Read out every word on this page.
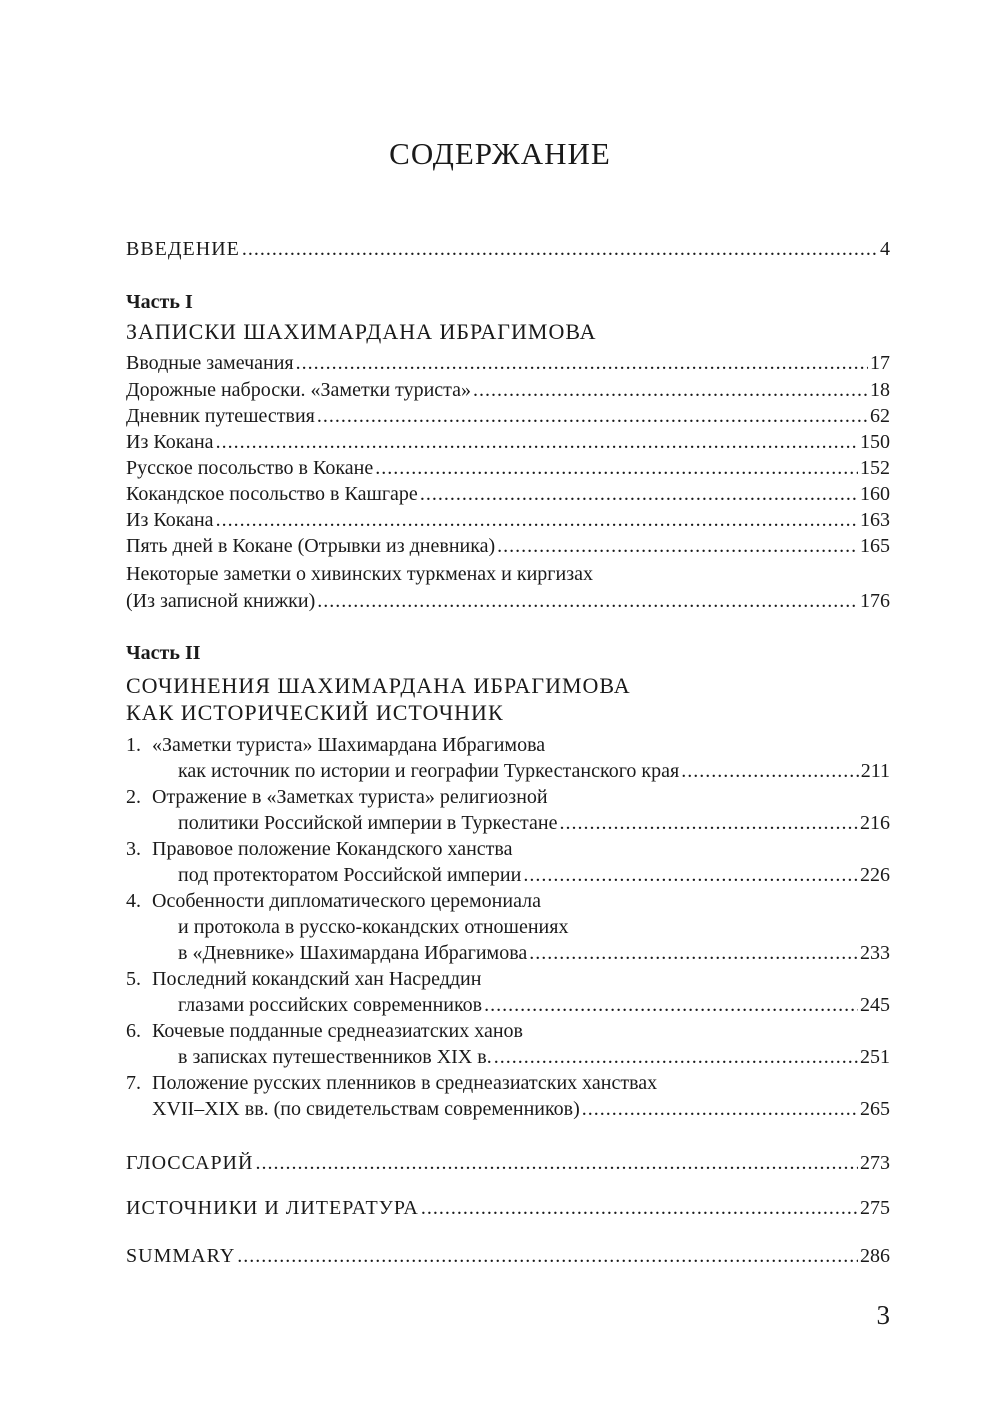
СОДЕРЖАНИЕ
ВВЕДЕНИЕ .....	4
Часть I
ЗАПИСКИ ШАХИМАРДАНА ИБРАГИМОВА
Вводные замечания .....	17
Дорожные наброски. «Заметки туриста» .....	18
Дневник путешествия .....	62
Из Кокана .....	150
Русское посольство в Кокане .....	152
Кокандское посольство в Кашгаре .....	160
Из Кокана .....	163
Пять дней в Кокане (Отрывки из дневника) .....	165
Некоторые заметки о хивинских туркменах и киргизах
(Из записной книжки) .....	176
Часть II
СОЧИНЕНИЯ ШАХИМАРДАНА ИБРАГИМОВА
КАК ИСТОРИЧЕСКИЙ ИСТОЧНИК
1. «Заметки туриста» Шахимардана Ибрагимова
как источник по истории и географии Туркестанского края .....	211
2. Отражение в «Заметках туриста» религиозной
политики Российской империи в Туркестане .....	216
3. Правовое положение Кокандского ханства
под протекторатом Российской империи .....	226
4. Особенности дипломатического церемониала
и протокола в русско-кокандских отношениях
в «Дневнике» Шахимардана Ибрагимова .....	233
5. Последний кокандский хан Насреддин
глазами российских современников .....	245
6. Кочевые подданные среднеазиатских ханов
в записках путешественников XIX в. .....	251
7. Положение русских пленников в среднеазиатских ханствах
XVII–XIX вв. (по свидетельствам современников) .....	265
ГЛОССАРИЙ .....	273
ИСТОЧНИКИ И ЛИТЕРАТУРА .....	275
SUMMARY .....	286
3
